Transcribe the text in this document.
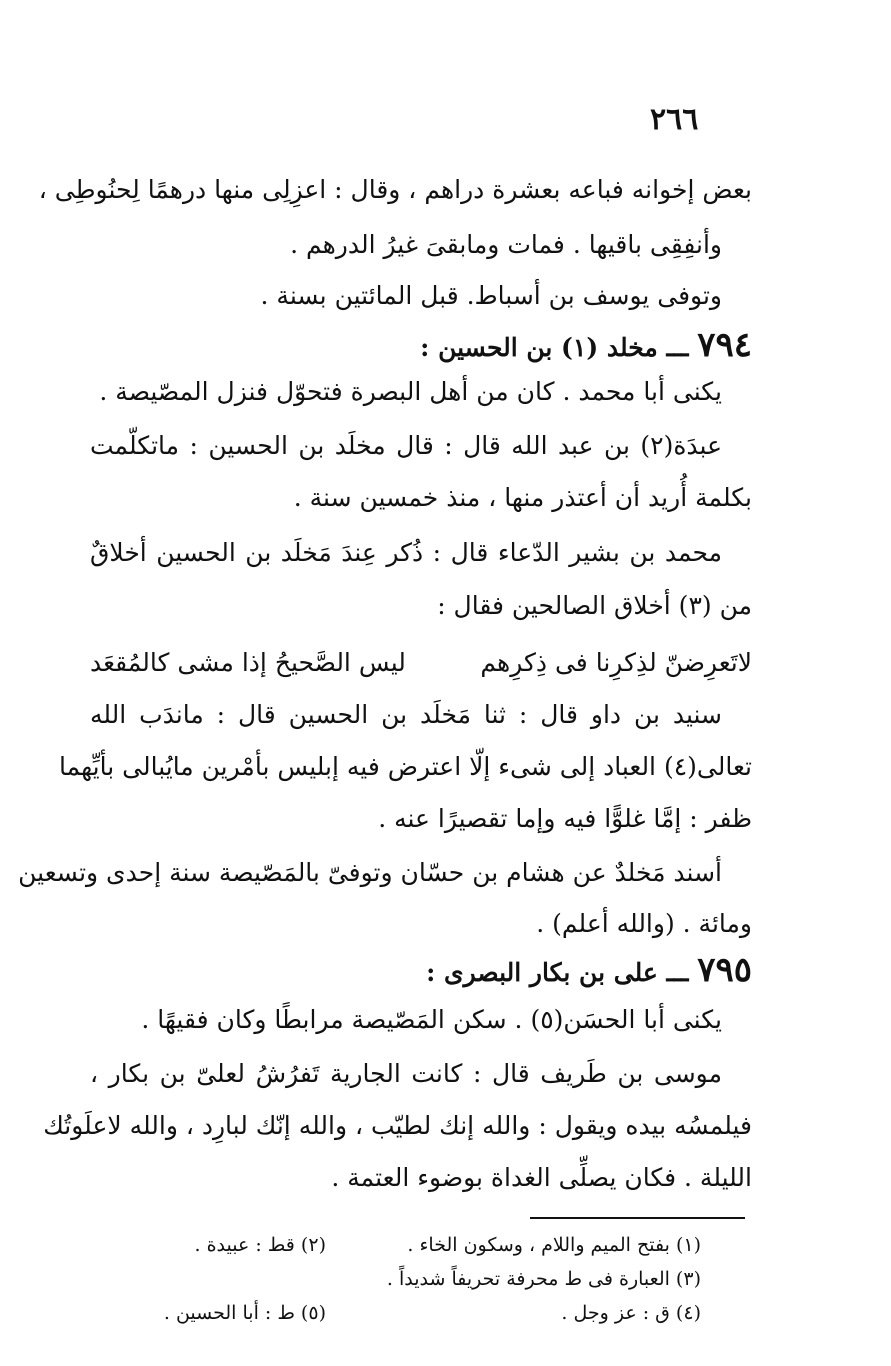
٢٦٦
بعض إخوانه فباعه بعشرة دراهم ، وقال : اعزِلِى منها درهمًا لِحنُوطِى ،
وأنفِقِى باقيها . فمات ومابقىَ غيرُ الدرهم .
وتوفى يوسف بن أسباط. قبل المائتين بسنة .
٧٩٤ ـــ مخلد (١) بن الحسين :
يكنى أبا محمد . كان من أهل البصرة فتحوّل فنزل المصّيصة .
عبدَة(٢) بن عبد الله قال : قال مخلَد بن الحسين : ماتكلّمت
بكلمة أُريد أن أعتذر منها ، منذ خمسين سنة .
محمد بن بشير الدّعاء قال : ذُكر عِندَ مَخلَد بن الحسين أخلاقٌ
من (٣) أخلاق الصالحين فقال :
لاتَعرِضنّ لذِكرِنا فى ذِكرِهم
ليس الصَّحيحُ إذا مشى كالمُقعَد
سنيد بن داو قال : ثنا مَخلَد بن الحسين قال : ماندَب الله
تعالى(٤) العباد إلى شىء إلّا اعترض فيه إبليس بأمْرين مايُبالى بأيِّهما
ظفر : إمَّا غلوًّا فيه وإما تقصيرًا عنه .
أسند مَخلدٌ عن هشام بن حسّان وتوفىّ بالمَصّيصة سنة إحدى وتسعين
ومائة . (والله أعلم) .
٧٩٥ ـــ على بن بكار البصرى :
يكنى أبا الحسَن(٥) . سكن المَصّيصة مرابطًا وكان فقيهًا .
موسى بن طَريف قال : كانت الجارية تَفرُشُ لعلىّ بن بكار ،
فيلمسُه بيده ويقول : والله إنك لطيّب ، والله إنّك لبارِد ، والله لاعلَوتُك
الليلة . فكان يصلِّى الغداة بوضوء العتمة .
(١) بفتح الميم واللام ، وسكون الخاء .
(٢) قط : عبيدة .
(٣) العبارة فى ط محرفة تحريفاً شديداً .
(٤) ق : عز وجل .
(٥) ط : أبا الحسين .
